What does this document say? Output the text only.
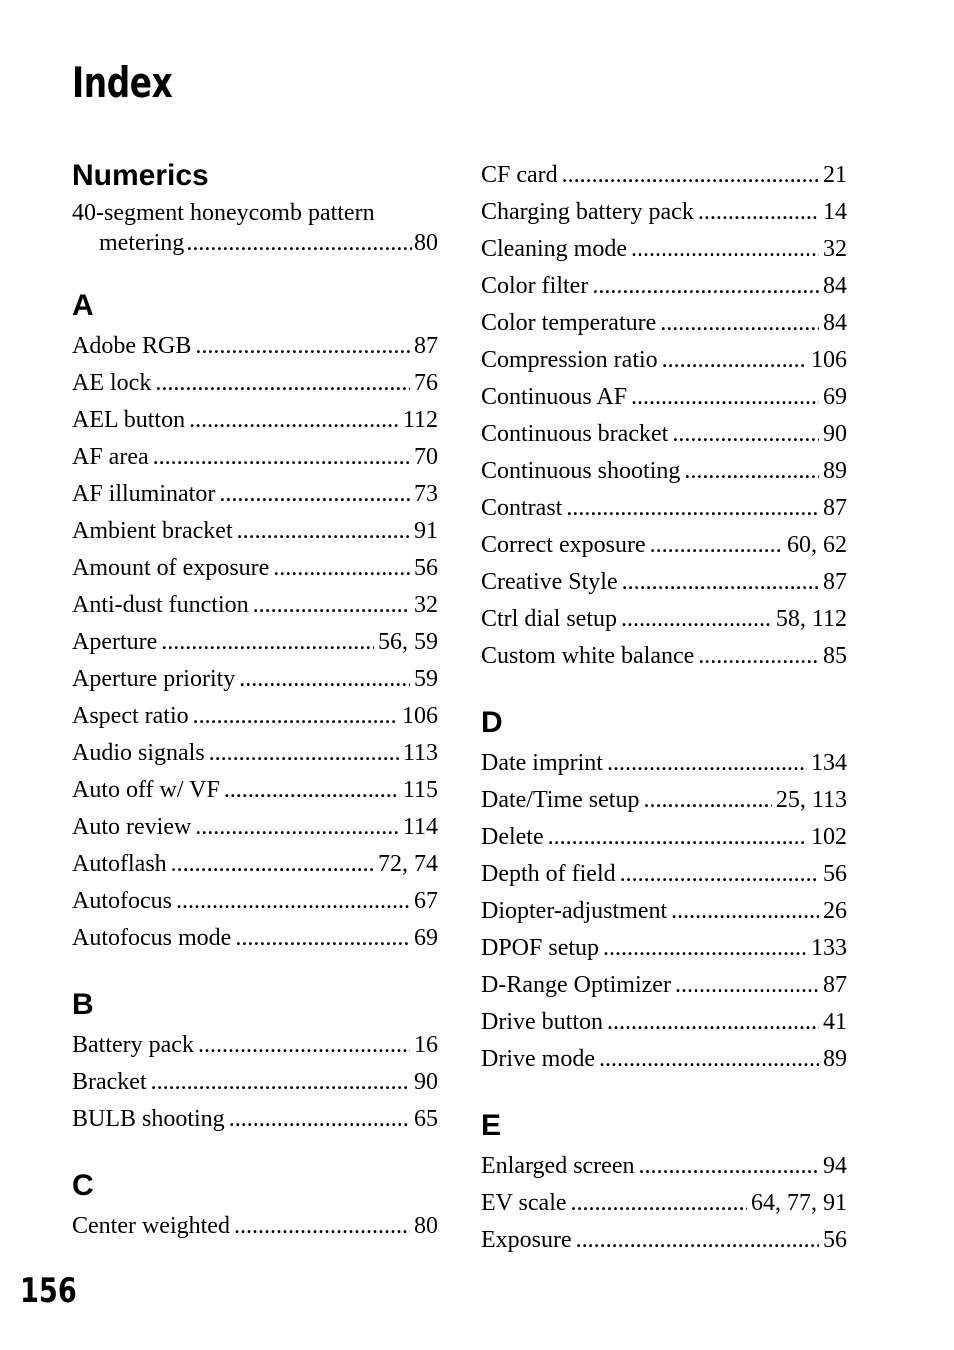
Index
Numerics
40-segment honeycomb pattern
metering .....	80
A
Adobe RGB .....	87
AE lock .....	76
AEL button .....	112
AF area .....	70
AF illuminator .....	73
Ambient bracket .....	91
Amount of exposure .....	56
Anti-dust function .....	32
Aperture .....	56, 59
Aperture priority .....	59
Aspect ratio .....	106
Audio signals .....	113
Auto off w/ VF .....	115
Auto review .....	114
Autoflash .....	72, 74
Autofocus .....	67
Autofocus mode .....	69
B
Battery pack .....	16
Bracket .....	90
BULB shooting .....	65
C
Center weighted .....	80
CF card .....	21
Charging battery pack .....	14
Cleaning mode .....	32
Color filter .....	84
Color temperature .....	84
Compression ratio .....	106
Continuous AF .....	69
Continuous bracket .....	90
Continuous shooting .....	89
Contrast .....	87
Correct exposure .....	60, 62
Creative Style .....	87
Ctrl dial setup .....	58, 112
Custom white balance .....	85
D
Date imprint .....	134
Date/Time setup .....	25, 113
Delete .....	102
Depth of field .....	56
Diopter-adjustment .....	26
DPOF setup .....	133
D-Range Optimizer .....	87
Drive button .....	41
Drive mode .....	89
E
Enlarged screen .....	94
EV scale .....	64, 77, 91
Exposure .....	56
156
